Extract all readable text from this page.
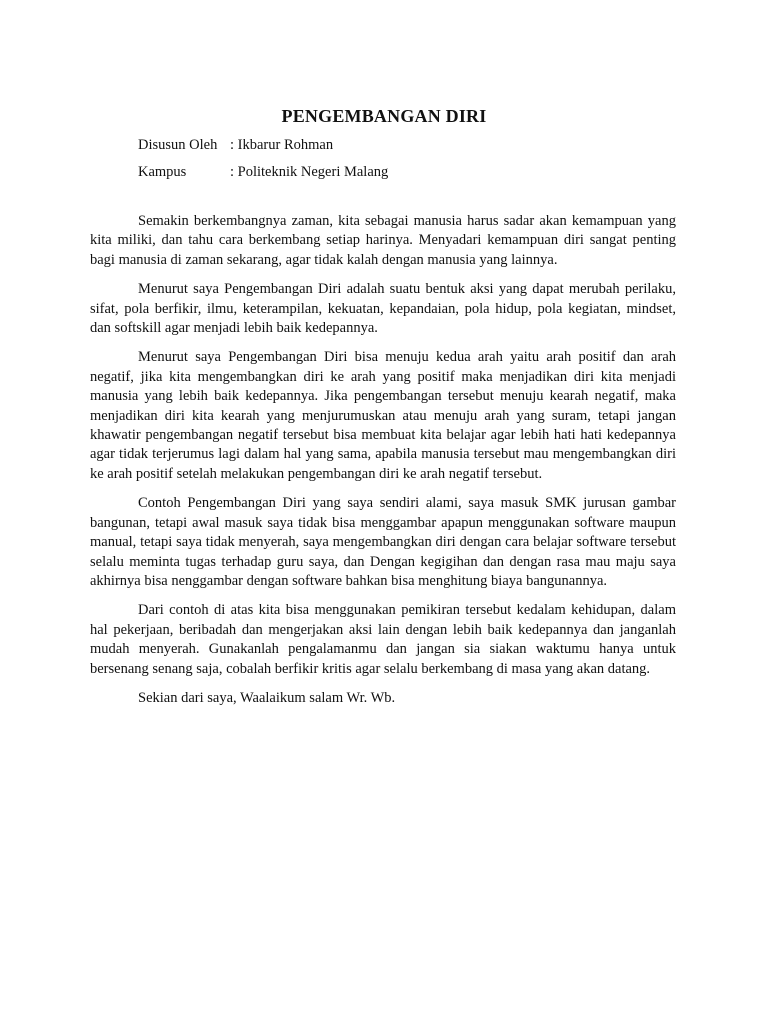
PENGEMBANGAN DIRI
Disusun Oleh : Ikbarur Rohman
Kampus	: Politeknik Negeri Malang

Semakin berkembangnya zaman, kita sebagai manusia harus sadar akan kemampuan yang kita miliki, dan tahu cara berkembang setiap harinya. Menyadari kemampuan diri sangat penting bagi manusia di zaman sekarang, agar tidak kalah dengan manusia yang lainnya.

Menurut saya Pengembangan Diri adalah suatu bentuk aksi yang dapat merubah perilaku, sifat, pola berfikir, ilmu, keterampilan, kekuatan, kepandaian, pola hidup, pola kegiatan, mindset, dan softskill agar menjadi lebih baik kedepannya.

Menurut saya Pengembangan Diri bisa menuju kedua arah yaitu arah positif dan arah negatif, jika kita mengembangkan diri ke arah yang positif maka menjadikan diri kita menjadi manusia yang lebih baik kedepannya. Jika pengembangan tersebut menuju kearah negatif, maka menjadikan diri kita kearah yang menjurumuskan atau menuju arah yang suram, tetapi jangan khawatir pengembangan negatif tersebut bisa membuat kita belajar agar lebih hati hati kedepannya agar tidak terjerumus lagi dalam hal yang sama, apabila manusia tersebut mau mengembangkan diri ke arah positif setelah melakukan pengembangan diri ke arah negatif tersebut.

Contoh Pengembangan Diri yang saya sendiri alami, saya masuk SMK jurusan gambar bangunan, tetapi awal masuk saya tidak bisa menggambar apapun menggunakan software maupun manual, tetapi saya tidak menyerah, saya mengembangkan diri dengan cara belajar software tersebut selalu meminta tugas terhadap guru saya, dan Dengan kegigihan dan dengan rasa mau maju saya akhirnya bisa nenggambar dengan software bahkan bisa menghitung biaya bangunannya.

Dari contoh di atas kita bisa menggunakan pemikiran tersebut kedalam kehidupan, dalam hal pekerjaan, beribadah dan mengerjakan aksi lain dengan lebih baik kedepannya dan janganlah mudah menyerah. Gunakanlah pengalamanmu dan jangan sia siakan waktumu hanya untuk bersenang senang saja, cobalah berfikir kritis agar selalu berkembang di masa yang akan datang.

Sekian dari saya, Waalaikum salam Wr. Wb.
